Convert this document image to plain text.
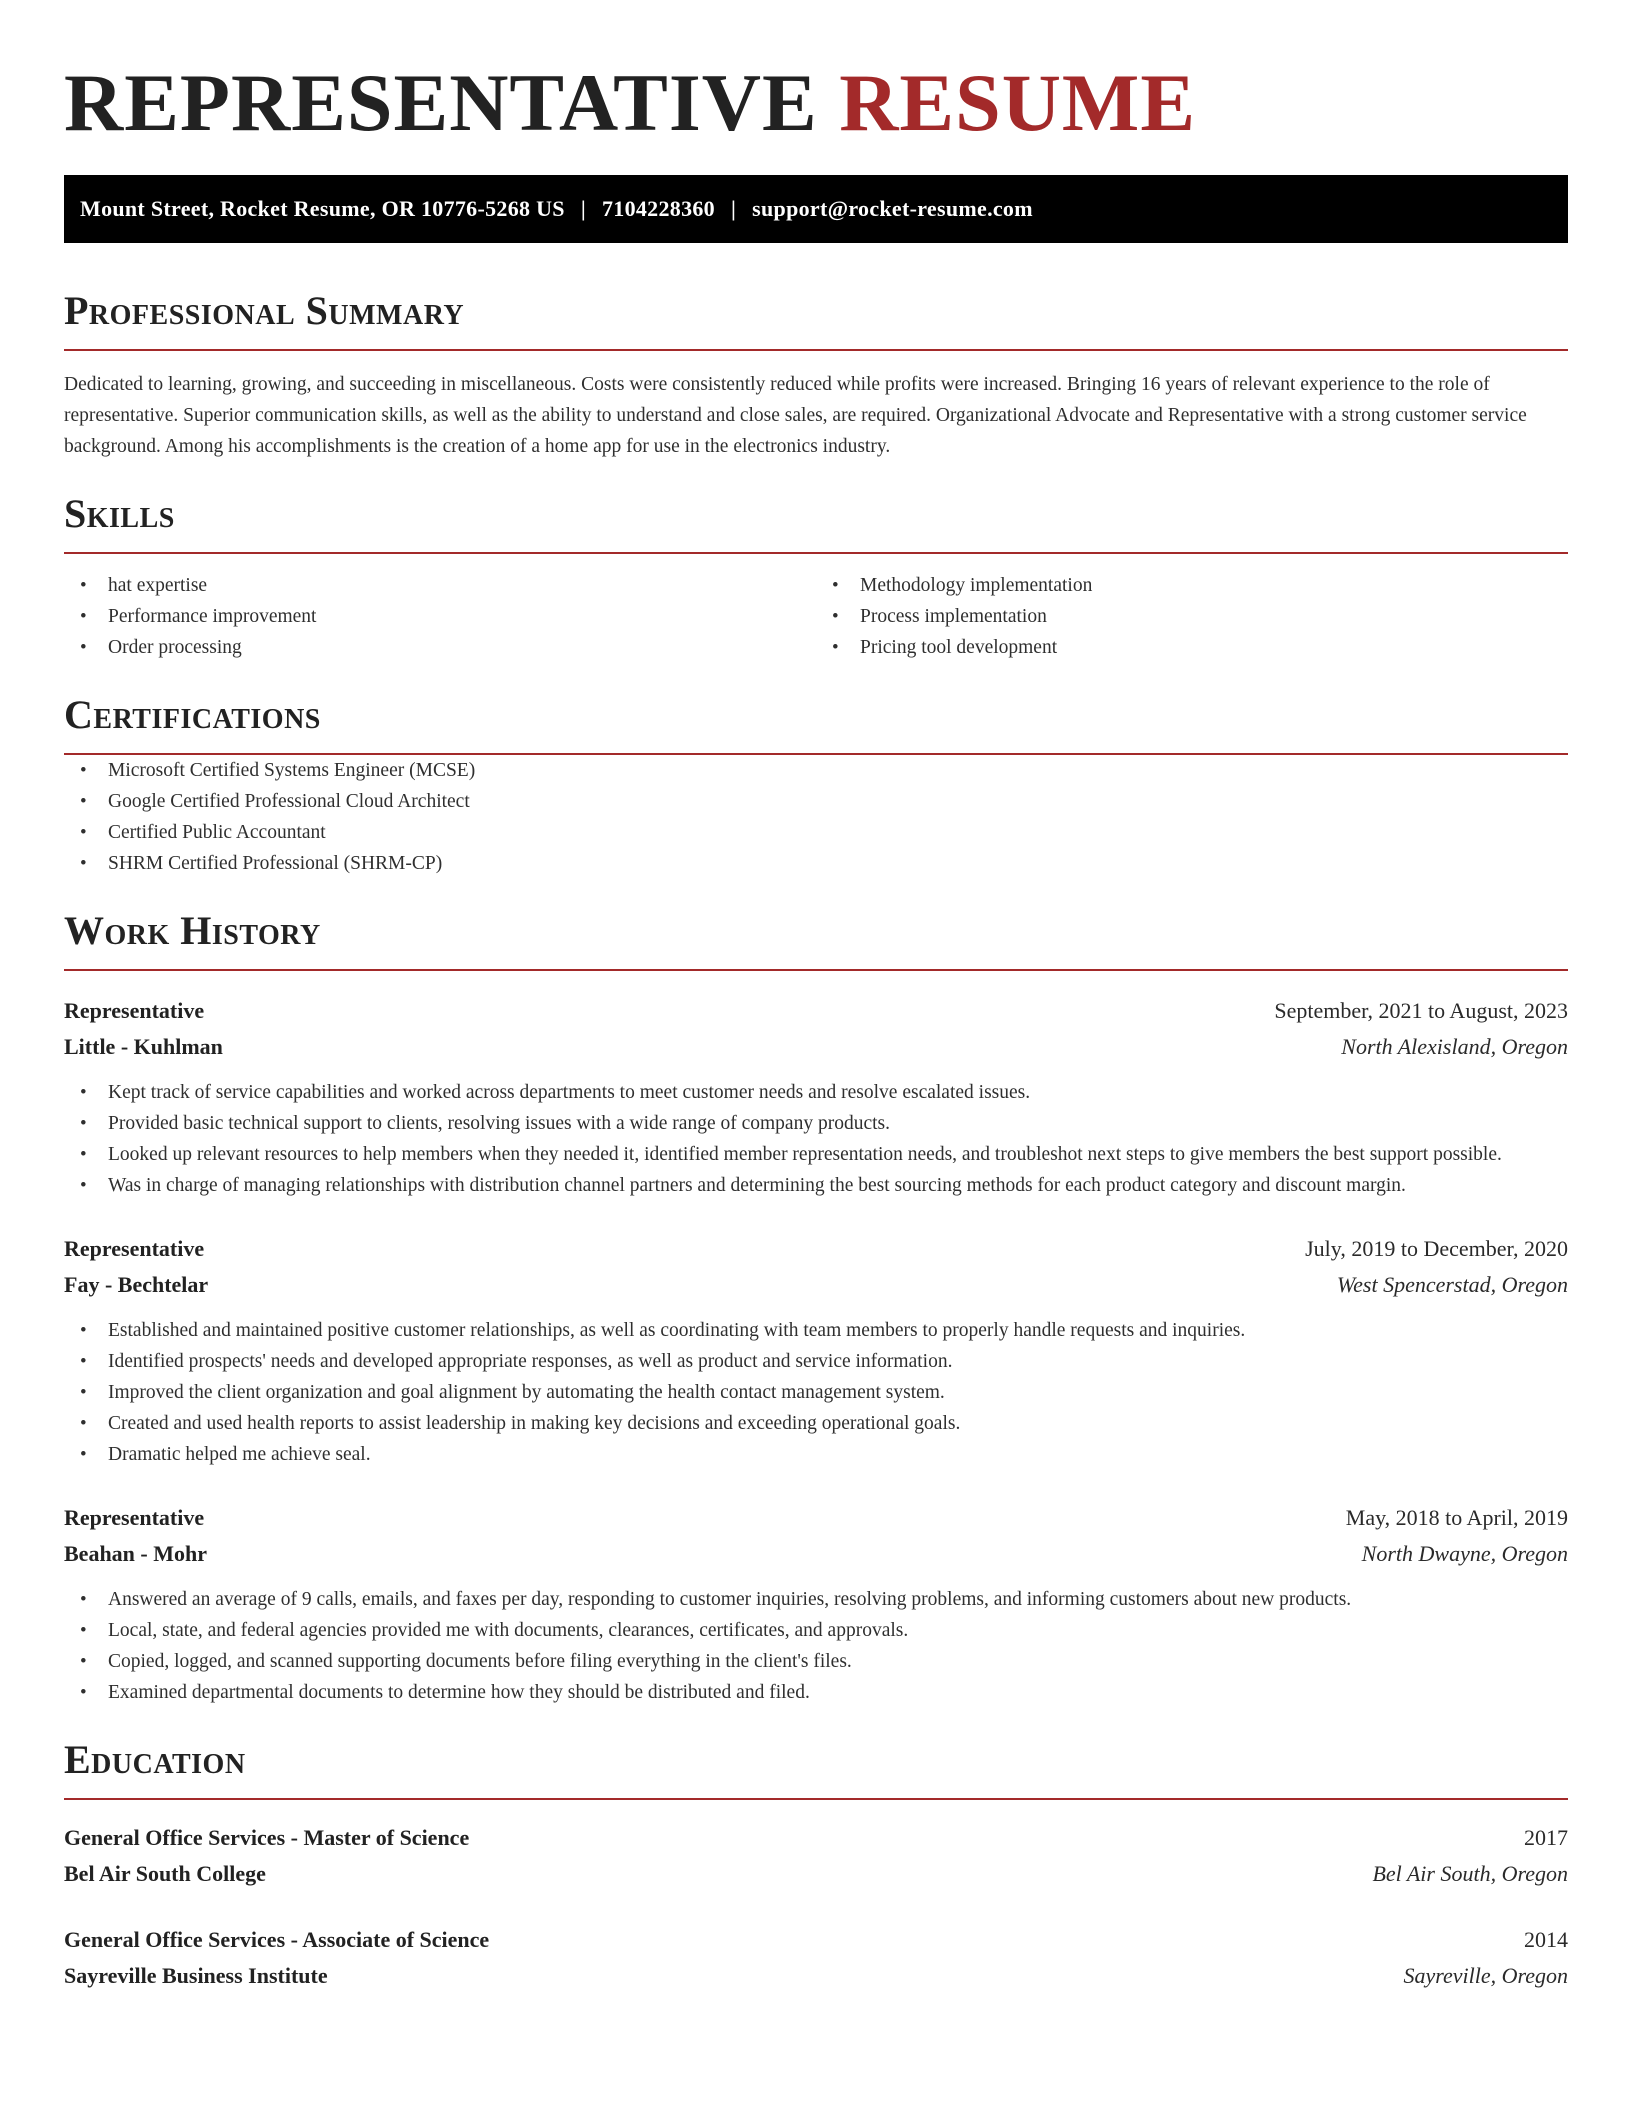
REPRESENTATIVE RESUME
Mount Street, Rocket Resume, OR 10776-5268 US | 7104228360 | support@rocket-resume.com
Professional Summary

Dedicated to learning, growing, and succeeding in miscellaneous. Costs were consistently reduced while profits were increased. Bringing 16 years of relevant experience to the role of representative. Superior communication skills, as well as the ability to understand and close sales, are required. Organizational Advocate and Representative with a strong customer service background. Among his accomplishments is the creation of a home app for use in the electronics industry.

Skills
• hat expertise
• Performance improvement
• Order processing
• Methodology implementation
• Process implementation
• Pricing tool development
Certifications
• Microsoft Certified Systems Engineer (MCSE)
• Google Certified Professional Cloud Architect
• Certified Public Accountant
• SHRM Certified Professional (SHRM-CP)
Work History
Representative	September, 2021 to August, 2023
Little - Kuhlman	North Alexisland, Oregon
• Kept track of service capabilities and worked across departments to meet customer needs and resolve escalated issues.
• Provided basic technical support to clients, resolving issues with a wide range of company products.
• Looked up relevant resources to help members when they needed it, identified member representation needs, and troubleshot next steps to give members the best support possible.
• Was in charge of managing relationships with distribution channel partners and determining the best sourcing methods for each product category and discount margin.
Representative	July, 2019 to December, 2020
Fay - Bechtelar	West Spencerstad, Oregon
• Established and maintained positive customer relationships, as well as coordinating with team members to properly handle requests and inquiries.
• Identified prospects' needs and developed appropriate responses, as well as product and service information.
• Improved the client organization and goal alignment by automating the health contact management system.
• Created and used health reports to assist leadership in making key decisions and exceeding operational goals.
• Dramatic helped me achieve seal.
Representative	May, 2018 to April, 2019
Beahan - Mohr	North Dwayne, Oregon
• Answered an average of 9 calls, emails, and faxes per day, responding to customer inquiries, resolving problems, and informing customers about new products.
• Local, state, and federal agencies provided me with documents, clearances, certificates, and approvals.
• Copied, logged, and scanned supporting documents before filing everything in the client's files.
• Examined departmental documents to determine how they should be distributed and filed.
Education
General Office Services - Master of Science	2017
Bel Air South College	Bel Air South, Oregon
General Office Services - Associate of Science	2014
Sayreville Business Institute	Sayreville, Oregon
